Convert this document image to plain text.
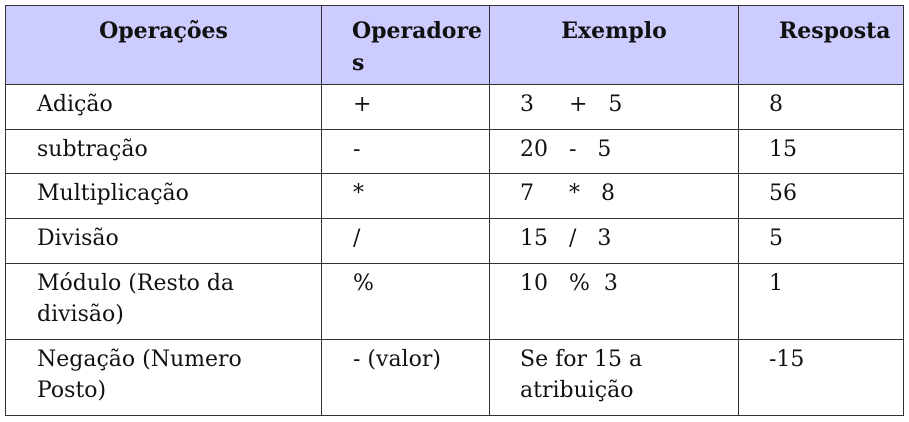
Operações	Operadores	Exemplo	Resposta
Adição	+	3     +   5	8
subtração	-	20   -   5	15
Multiplicação	*	7     *   8	56
Divisão	/	15   /   3	5
Módulo (Resto da divisão)	%	10   %  3	1
Negação (Numero Posto)	- (valor)	Se for 15 a atribuição	-15
